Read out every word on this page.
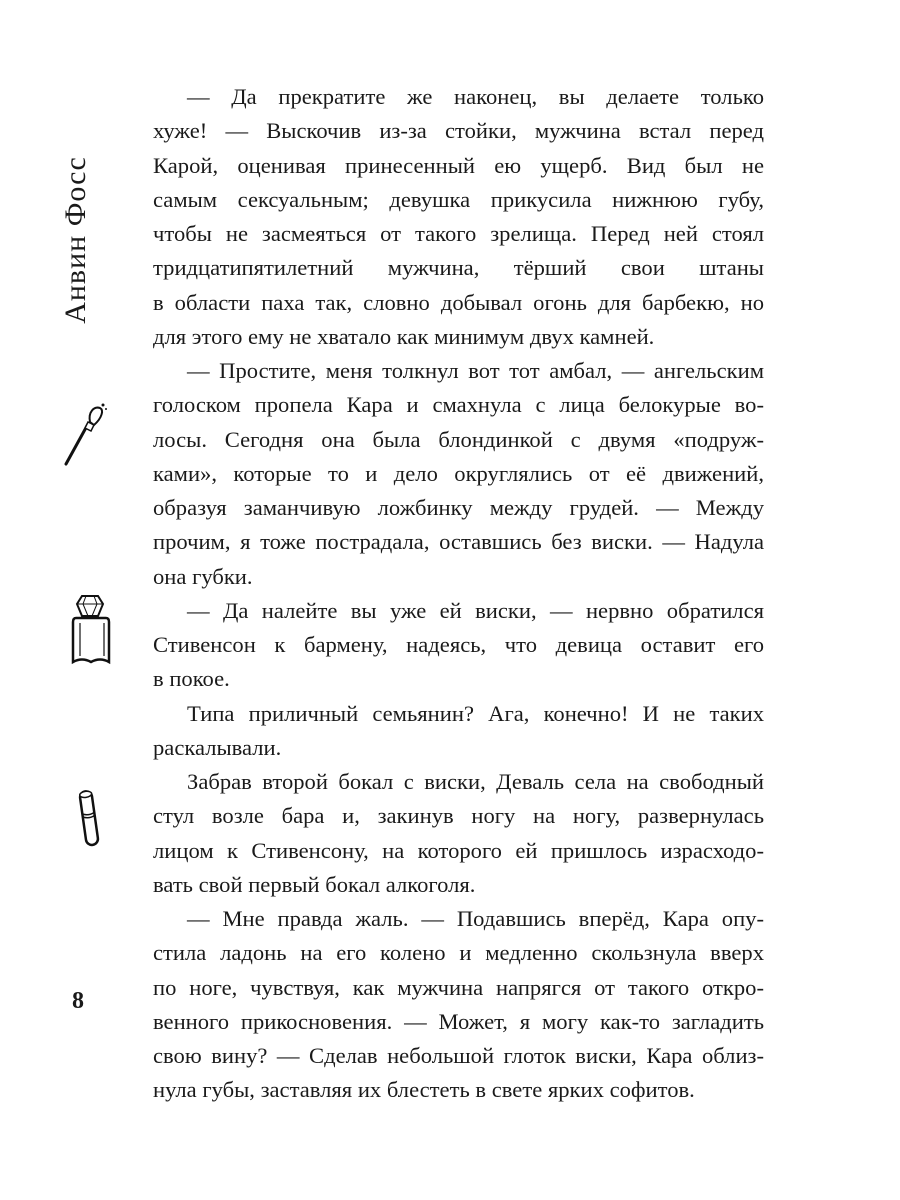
Анвин Фосс
8
— Да прекратите же наконец, вы делаете только
хуже! — Выскочив из-за стойки, мужчина встал перед
Карой, оценивая принесенный ею ущерб. Вид был не
самым сексуальным; девушка прикусила нижнюю губу,
чтобы не засмеяться от такого зрелища. Перед ней стоял
тридцатипятилетний мужчина, тёрший свои штаны
в области паха так, словно добывал огонь для барбекю, но
для этого ему не хватало как минимум двух камней.
— Простите, меня толкнул вот тот амбал, — ангельским
голоском пропела Кара и смахнула с лица белокурые во-
лосы. Сегодня она была блондинкой с двумя «подруж-
ками», которые то и дело округлялись от её движений,
образуя заманчивую ложбинку между грудей. — Между
прочим, я тоже пострадала, оставшись без виски. — Надула
она губки.
— Да налейте вы уже ей виски, — нервно обратился
Стивенсон к бармену, надеясь, что девица оставит его
в покое.
Типа приличный семьянин? Ага, конечно! И не таких
раскалывали.
Забрав второй бокал с виски, Деваль села на свободный
стул возле бара и, закинув ногу на ногу, развернулась
лицом к Стивенсону, на которого ей пришлось израсходо-
вать свой первый бокал алкоголя.
— Мне правда жаль. — Подавшись вперёд, Кара опу-
стила ладонь на его колено и медленно скользнула вверх
по ноге, чувствуя, как мужчина напрягся от такого откро-
венного прикосновения. — Может, я могу как-то загладить
свою вину? — Сделав небольшой глоток виски, Кара облиз-
нула губы, заставляя их блестеть в свете ярких софитов.
